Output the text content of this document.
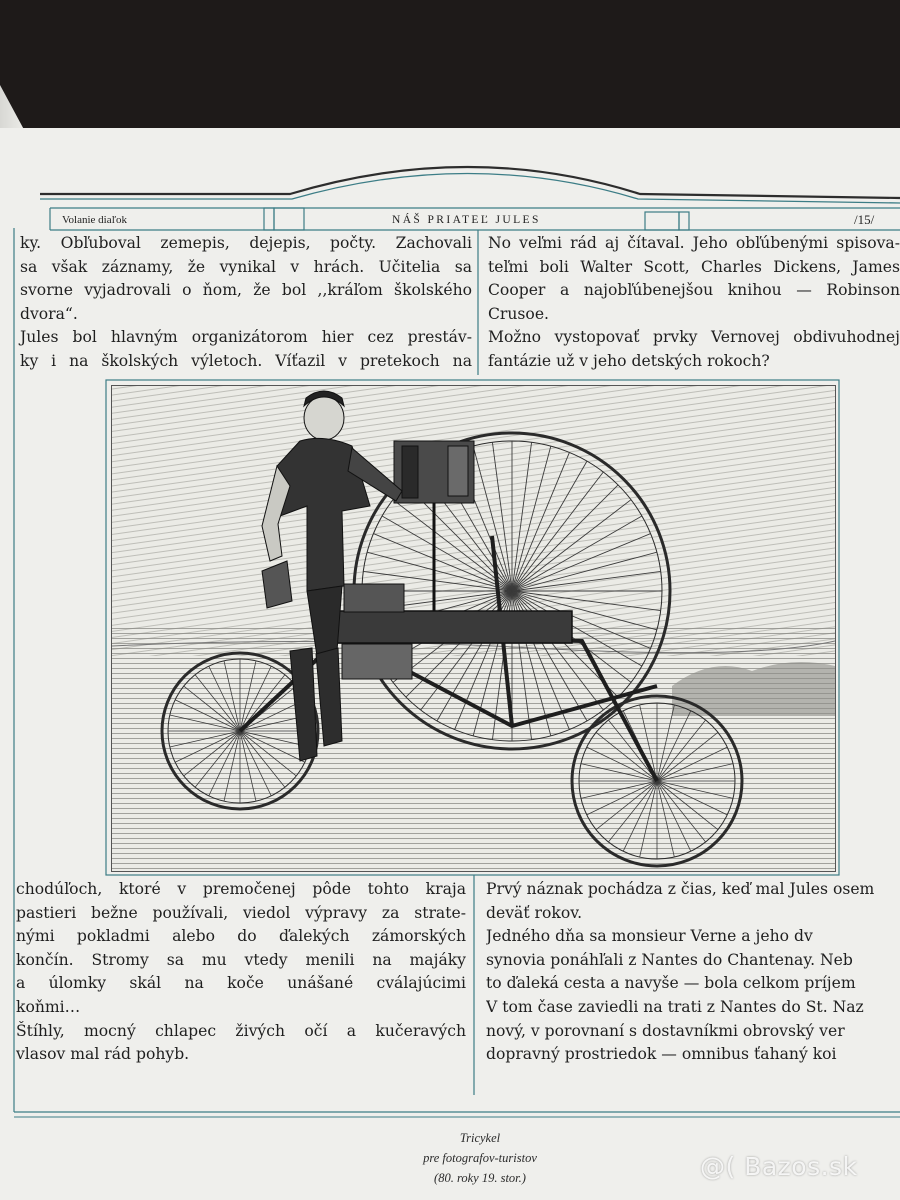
Volanie diaľok	NÁŠ PRIATEĽ JULES	/15/
ky. Obľuboval zemepis, dejepis, počty. Zachovali
sa však záznamy, že vynikal v hrách. Učitelia sa
svorne vyjadrovali o ňom, že bol ,,kráľom školského
dvora“.
Jules bol hlavným organizátorom hier cez prestáv-
ky i na školských výletoch. Víťazil v pretekoch na
No veľmi rád aj čítaval. Jeho obľúbenými spisova-
teľmi boli Walter Scott, Charles Dickens, James
Cooper a najobľúbenejšou knihou — Robinson
Crusoe.
Možno vystopovať prvky Vernovej obdivuhodnej
fantázie už v jeho detských rokoch?
chodúľoch, ktoré v premočenej pôde tohto kraja
pastieri bežne používali, viedol výpravy za strate-
nými pokladmi alebo do ďalekých zámorských
končín. Stromy sa mu vtedy menili na majáky
a úlomky skál na koče unášané cválajúcimi
koňmi…
Štíhly, mocný chlapec živých očí a kučeravých
vlasov mal rád pohyb.
Prvý náznak pochádza z čias, keď mal Jules osem
deväť rokov.
Jedného dňa sa monsieur Verne a jeho dv
synovia ponáhľali z Nantes do Chantenay. Neb
to ďaleká cesta a navyše — bola celkom príjem
V tom čase zaviedli na trati z Nantes do St. Naz
nový, v porovnaní s dostavníkmi obrovský ver
dopravný prostriedok — omnibus ťahaný koi
Tricykel
pre fotografov-turistov
(80. roky 19. stor.)	@( Bazos.sk
